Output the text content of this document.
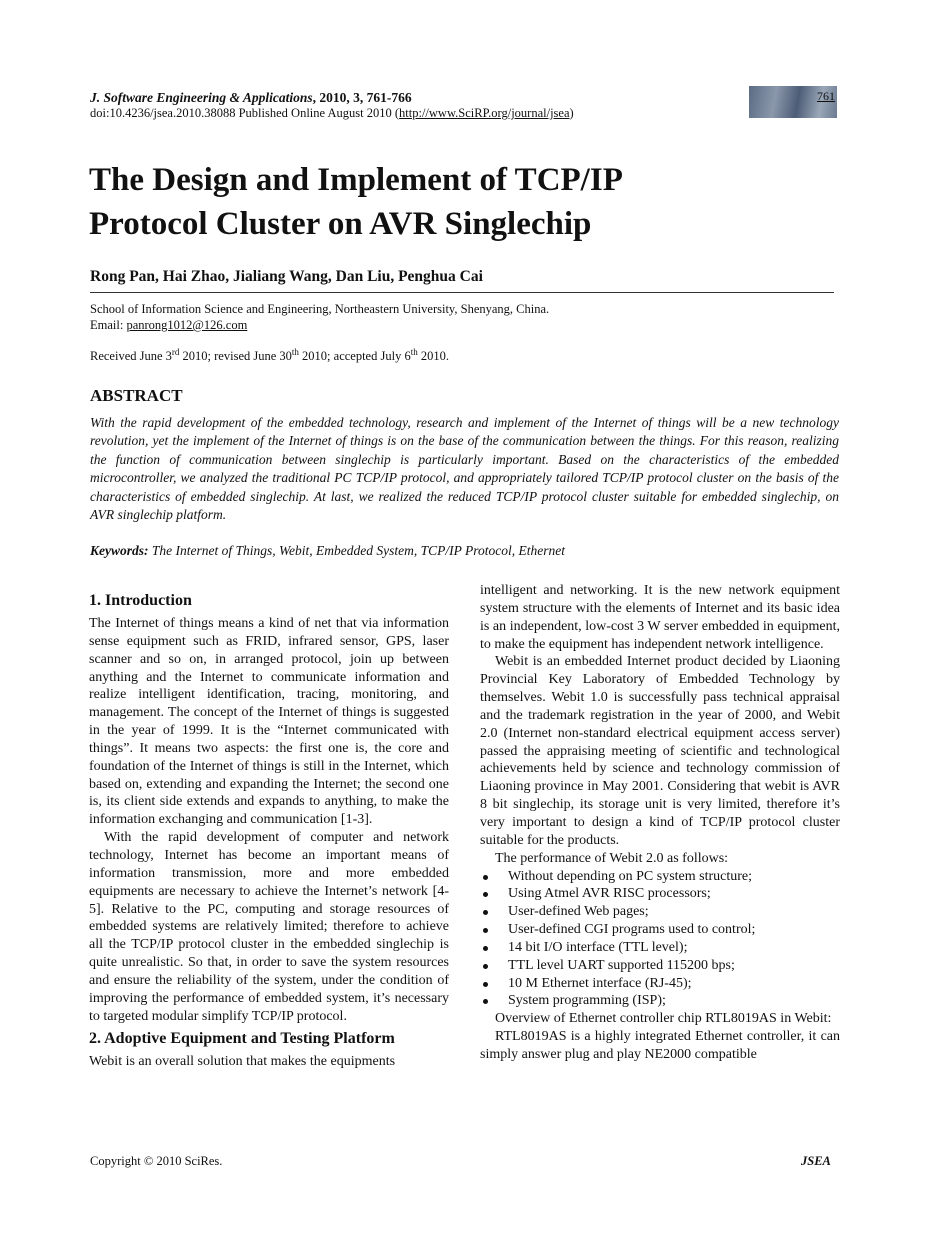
J. Software Engineering & Applications, 2010, 3, 761-766
doi:10.4236/jsea.2010.38088 Published Online August 2010 (http://www.SciRP.org/journal/jsea)
761
The Design and Implement of TCP/IP
Protocol Cluster on AVR Singlechip
Rong Pan, Hai Zhao, Jialiang Wang, Dan Liu, Penghua Cai
School of Information Science and Engineering, Northeastern University, Shenyang, China.
Email: panrong1012@126.com
Received June 3rd 2010; revised June 30th 2010; accepted July 6th 2010.
ABSTRACT
With the rapid development of the embedded technology, research and implement of the Internet of things will be a new technology revolution, yet the implement of the Internet of things is on the base of the communication between the things. For this reason, realizing the function of communication between singlechip is particularly important. Based on the characteristics of the embedded microcontroller, we analyzed the traditional PC TCP/IP protocol, and appropriately tailored TCP/IP protocol cluster on the basis of the characteristics of embedded singlechip. At last, we realized the reduced TCP/IP protocol cluster suitable for embedded singlechip, on AVR singlechip platform.
Keywords: The Internet of Things, Webit, Embedded System, TCP/IP Protocol, Ethernet
1. Introduction

The Internet of things means a kind of net that via information sense equipment such as FRID, infrared sensor, GPS, laser scanner and so on, in arranged protocol, join up between anything and the Internet to communicate information and realize intelligent identification, tracing, monitoring, and management. The concept of the Internet of things is suggested in the year of 1999. It is the “Internet communicated with things”. It means two aspects: the first one is, the core and foundation of the Internet of things is still in the Internet, which based on, extending and expanding the Internet; the second one is, its client side extends and expands to anything, to make the information exchanging and communication [1-3].

With the rapid development of computer and network technology, Internet has become an important means of information transmission, more and more embedded equipments are necessary to achieve the Internet’s network [4-5]. Relative to the PC, computing and storage resources of embedded systems are relatively limited; therefore to achieve all the TCP/IP protocol cluster in the embedded singlechip is quite unrealistic. So that, in order to save the system resources and ensure the reliability of the system, under the condition of improving the performance of embedded system, it’s necessary to targeted modular simplify TCP/IP protocol.

2. Adoptive Equipment and Testing Platform

Webit is an overall solution that makes the equipments

intelligent and networking. It is the new network equipment system structure with the elements of Internet and its basic idea is an independent, low-cost 3 W server embedded in equipment, to make the equipment has independent network intelligence.

Webit is an embedded Internet product decided by Liaoning Provincial Key Laboratory of Embedded Technology by themselves. Webit 1.0 is successfully pass technical appraisal and the trademark registration in the year of 2000, and Webit 2.0 (Internet non-standard electrical equipment access server) passed the appraising meeting of scientific and technological achievements held by science and technology commission of Liaoning province in May 2001. Considering that webit is AVR 8 bit singlechip, its storage unit is very limited, therefore it’s very important to design a kind of TCP/IP protocol cluster suitable for the products.

The performance of Webit 2.0 as follows:

Without depending on PC system structure;
Using Atmel AVR RISC processors;
User-defined Web pages;
User-defined CGI programs used to control;
14 bit I/O interface (TTL level);
TTL level UART supported 115200 bps;
10 M Ethernet interface (RJ-45);
System programming (ISP);

Overview of Ethernet controller chip RTL8019AS in Webit:

RTL8019AS is a highly integrated Ethernet controller, it can simply answer plug and play NE2000 compatible

Copyright © 2010 SciRes.	JSEA
